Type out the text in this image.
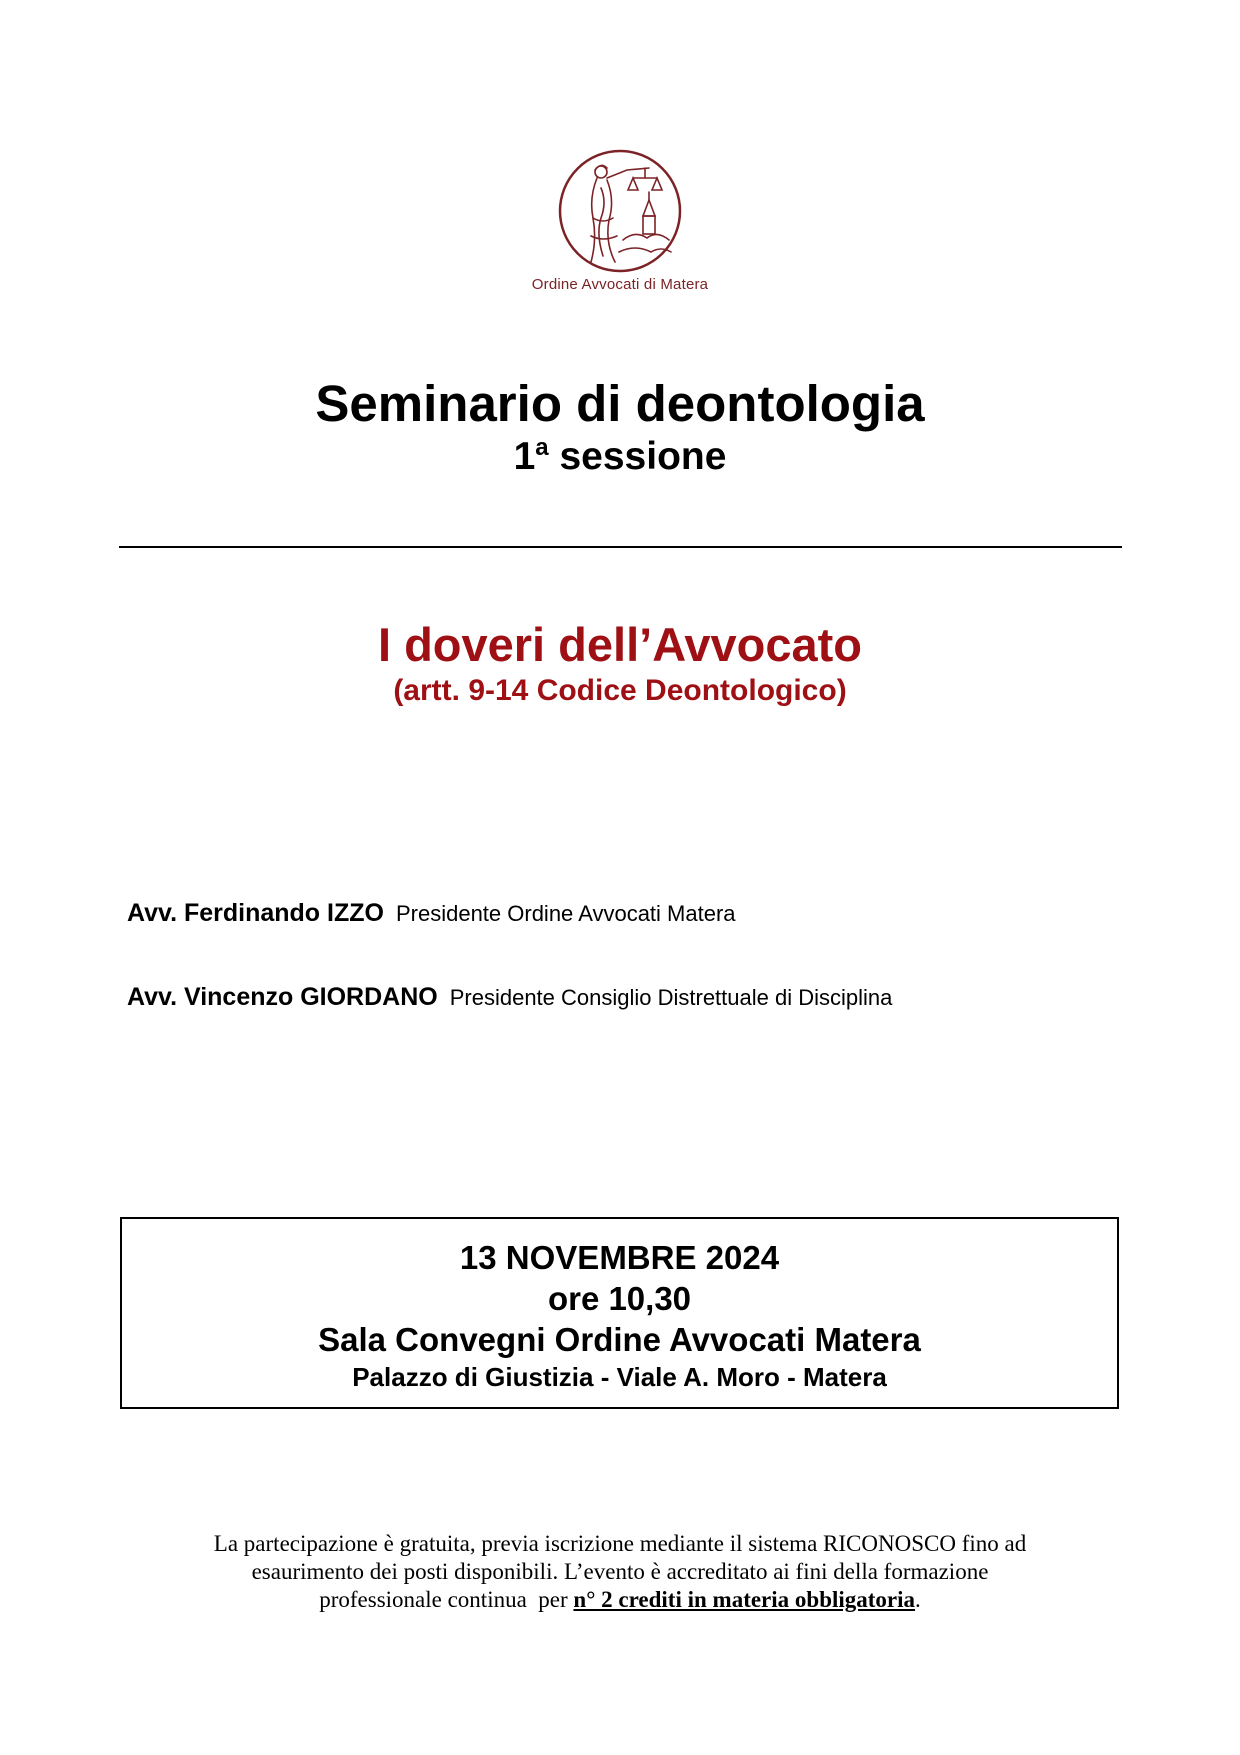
Ordine Avvocati di Matera
Seminario di deontologia
1$^a$ sessione
I doveri dell’Avvocato
(artt. 9-14 Codice Deontologico)
Avv. Ferdinando IZZO Presidente Ordine Avvocati Matera
Avv. Vincenzo GIORDANO Presidente Consiglio Distrettuale di Disciplina
13 NOVEMBRE 2024
ore 10,30
Sala Convegni Ordine Avvocati Matera
Palazzo di Giustizia - Viale A. Moro - Matera
La partecipazione è gratuita, previa iscrizione mediante il sistema RICONOSCO fino ad
esaurimento dei posti disponibili. L’evento è accreditato ai fini della formazione
professionale continua  per n° 2 crediti in materia obbligatoria.
